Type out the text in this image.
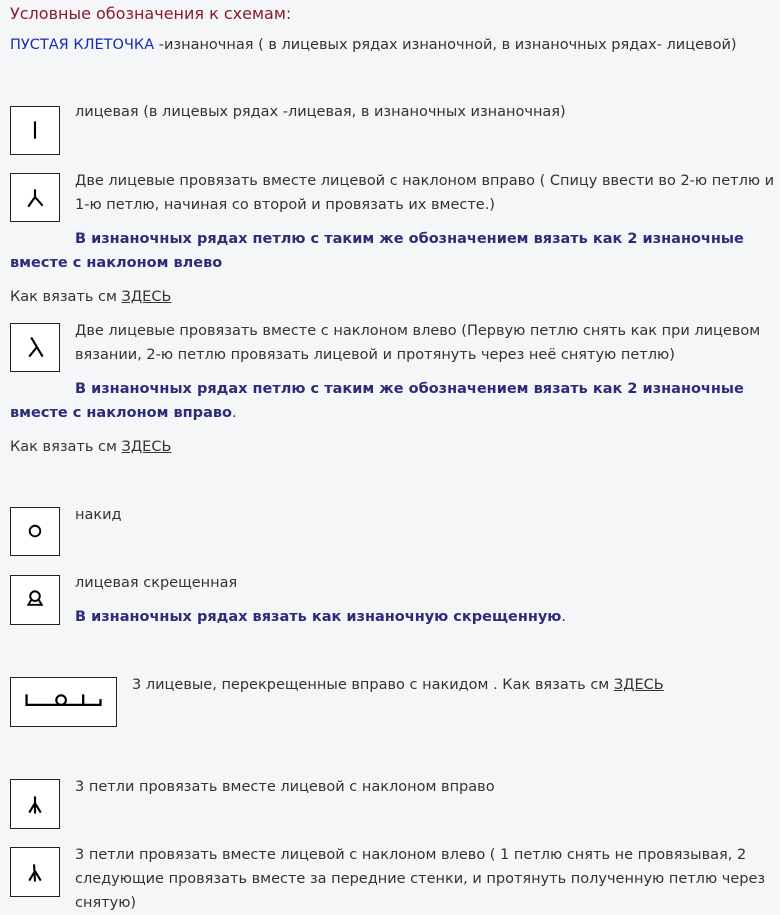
Условные обозначения к схемам:
ПУСТАЯ КЛЕТОЧКА -изнаночная ( в лицевых рядах изнаночной, в изнаночных рядах- лицевой)
лицевая (в лицевых рядах -лицевая, в изнаночных изнаночная)
Две лицевые провязать вместе лицевой с наклоном вправо ( Спицу ввести во 2-ю петлю и
1-ю петлю, начиная со второй и провязать их вместе.)
В изнаночных рядах петлю с таким же обозначением вязать как 2 изнаночные
вместе с наклоном влево
Как вязать см ЗДЕСЬ
Две лицевые провязать вместе с наклоном влево (Первую петлю снять как при лицевом
вязании, 2-ю петлю провязать лицевой и протянуть через неё снятую петлю)
В изнаночных рядах петлю с таким же обозначением вязать как 2 изнаночные
вместе с наклоном вправо.
Как вязать см ЗДЕСЬ
накид
лицевая скрещенная
В изнаночных рядах вязать как изнаночную скрещенную.
3 лицевые, перекрещенные вправо с накидом . Как вязать см ЗДЕСЬ
3 петли провязать вместе лицевой с наклоном вправо
3 петли провязать вместе лицевой с наклоном влево ( 1 петлю снять не провязывая, 2
следующие провязать вместе за передние стенки, и протянуть полученную петлю через
снятую)
